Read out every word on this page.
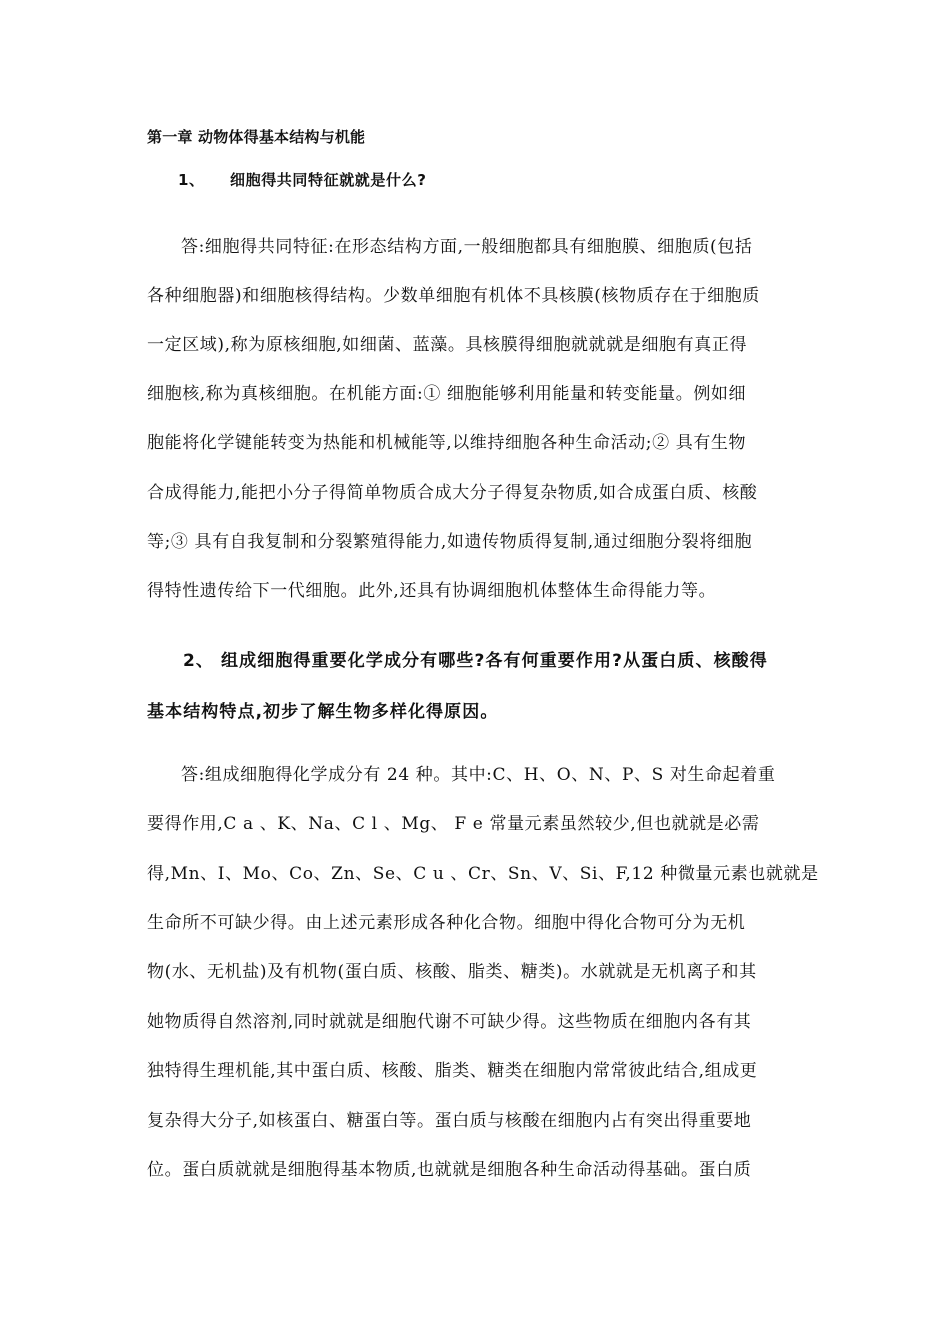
第一章 动物体得基本结构与机能
1、 细胞得共同特征就就是什么?
答:细胞得共同特征:在形态结构方面,一般细胞都具有细胞膜、细胞质(包括
各种细胞器)和细胞核得结构。少数单细胞有机体不具核膜(核物质存在于细胞质
一定区域),称为原核细胞,如细菌、蓝藻。具核膜得细胞就就就是细胞有真正得
细胞核,称为真核细胞。在机能方面:① 细胞能够利用能量和转变能量。例如细
胞能将化学键能转变为热能和机械能等,以维持细胞各种生命活动;② 具有生物
合成得能力,能把小分子得简单物质合成大分子得复杂物质,如合成蛋白质、核酸
等;③ 具有自我复制和分裂繁殖得能力,如遗传物质得复制,通过细胞分裂将细胞
得特性遗传给下一代细胞。此外,还具有协调细胞机体整体生命得能力等。
2、 组成细胞得重要化学成分有哪些?各有何重要作用?从蛋白质、核酸得
基本结构特点,初步了解生物多样化得原因。
答:组成细胞得化学成分有 24 种。其中:C、H、O、N、P、S 对生命起着重
要得作用,C a 、K、Na、C l 、Mg、 F e 常量元素虽然较少,但也就就是必需
得,Mn、I、Mo、Co、Zn、Se、C u 、Cr、Sn、V、Si、F,12 种微量元素也就就是
生命所不可缺少得。由上述元素形成各种化合物。细胞中得化合物可分为无机
物(水、无机盐)及有机物(蛋白质、核酸、脂类、糖类)。水就就是无机离子和其
她物质得自然溶剂,同时就就是细胞代谢不可缺少得。这些物质在细胞内各有其
独特得生理机能,其中蛋白质、核酸、脂类、糖类在细胞内常常彼此结合,组成更
复杂得大分子,如核蛋白、糖蛋白等。蛋白质与核酸在细胞内占有突出得重要地
位。蛋白质就就是细胞得基本物质,也就就是细胞各种生命活动得基础。蛋白质
